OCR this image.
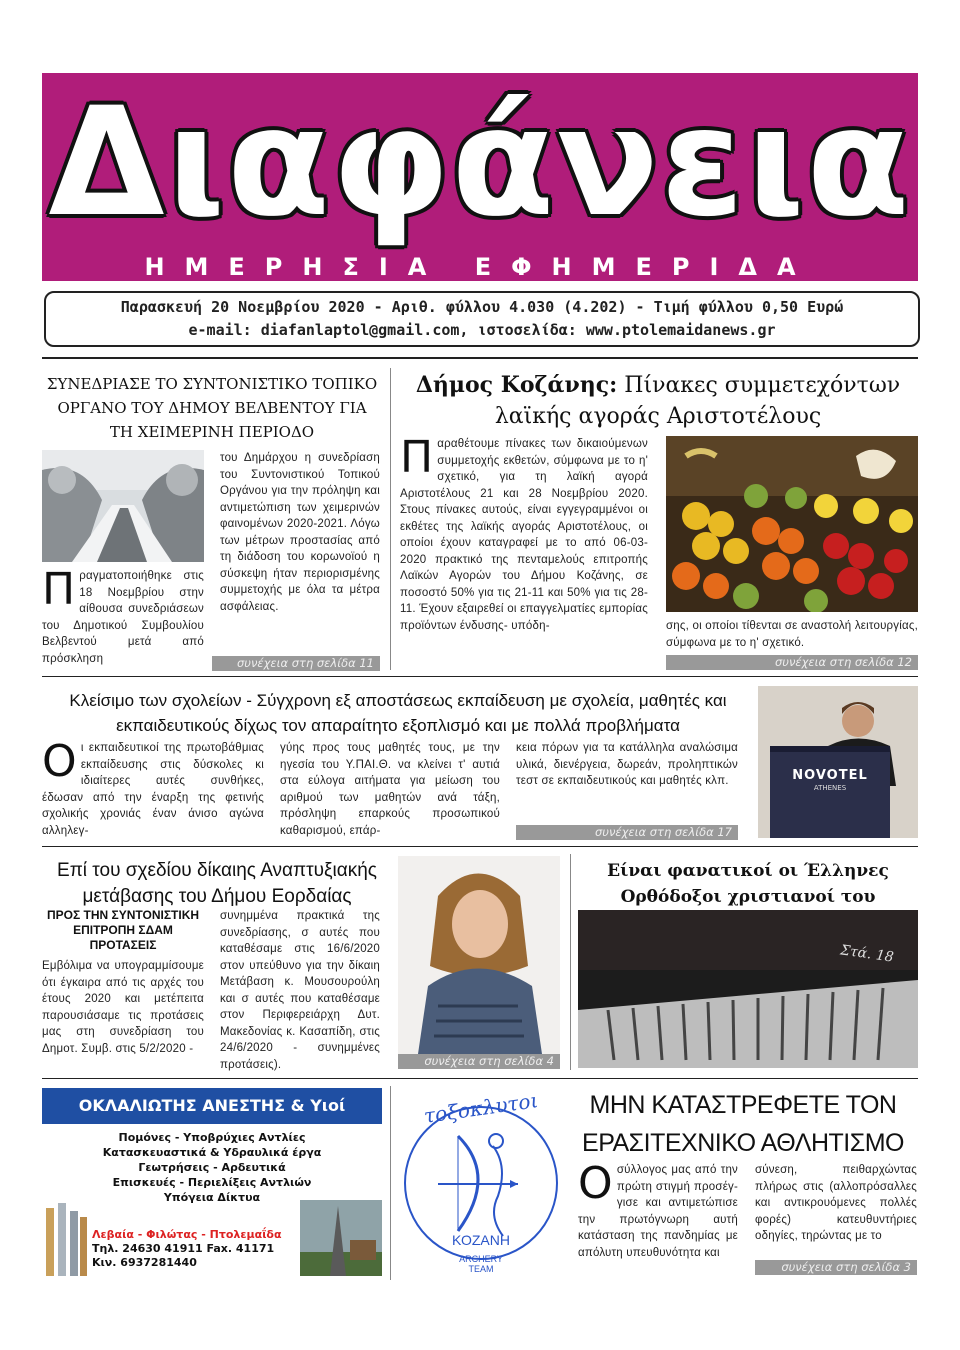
Διαφάνεια
ΗΜΕΡΗΣΙΑ ΕΦΗΜΕΡΙΔΑ
Παρασκευή 20 Νοεμβρίου 2020 - Αριθ. φύλλου 4.030 (4.202) - Τιμή φύλλου 0,50 Ευρώ
e-mail: diafanlaptol@gmail.com, ιστοσελίδα: www.ptolemaidanews.gr
ΣΥΝΕΔΡΙΑΣΕ ΤΟ ΣΥΝΤΟΝΙΣΤΙΚΟ ΤΟΠΙΚΟ ΟΡΓΑΝΟ ΤΟΥ ΔΗΜΟΥ ΒΕΛΒΕΝΤΟΥ ΓΙΑ ΤΗ ΧΕΙΜΕΡΙΝΗ ΠΕΡΙΟΔΟ
Π ραγματοποιήθηκε στις 18 Νοεμβρίου στην αίθουσα συνεδριάσεων του Δημοτικού Συμβουλίου Βελβεντού μετά από πρόσκληση
του Δημάρχου η συνεδρίαση του Συντονιστικού Τοπικού Οργάνου για την πρόληψη και αντιμετώπιση των χειμερινών φαινομένων 2020-2021. Λόγω των μέτρων προστασίας από τη διάδοση του κορωνοϊού η σύσκεψη ήταν περιορισμένης συμμετοχής με όλα τα μέτρα ασφάλειας.
συνέχεια στη σελίδα 11
Δήμος Κοζάνης: Πίνακες συμμετεχόντων λαϊκής αγοράς Αριστοτέλους
Π αραθέτουμε πίνακες των δικαιούμενων συμμετοχής εκθετών, σύμφωνα με το η' σχετικό, για τη λαϊκή αγορά Αριστοτέλους 21 και 28 Νοεμβρίου 2020. Στους πίνακες αυτούς, είναι εγγεγραμμένοι οι εκθέτες της λαϊκής αγοράς Αριστοτέλους, οι οποίοι έχουν καταγραφεί με το από 06-03-2020 πρακτικό της πενταμελούς επιτροπής Λαϊκών Αγορών του Δήμου Κοζάνης, σε ποσοστό 50% για τις 21-11 και 50% για τις 28-11. Έχουν εξαιρεθεί οι επαγγελματίες εμπορίας προϊόντων ένδυσης- υπόδη-	σης, οι οποίοι τίθενται σε αναστολή λειτουργίας, σύμφωνα με το η' σχετικό.
συνέχεια στη σελίδα 12
Κλείσιμο των σχολείων - Σύγχρονη εξ αποστάσεως εκπαίδευση με σχολεία, μαθητές και εκπαιδευτικούς δίχως τον απαραίτητο εξοπλισμό και με πολλά προβλήματα
Ο ι εκπαιδευτικοί της πρωτοβάθμιας εκπαίδευσης στις δύσκολες κι ιδιαίτερες αυτές συνθήκες, έδωσαν από την έναρξη της φετινής σχολικής χρονιάς έναν άνισο αγώνα αλληλεγ-
γύης προς τους μαθητές τους, με την ηγεσία του Υ.ΠΑΙ.Θ. να κλείνει τ' αυτιά στα εύλογα αιτήματα για μείωση του αριθμού των μαθητών ανά τάξη, πρόσληψη επαρκούς προσωπικού καθαρισμού, επάρ-
κεια πόρων για τα κατάλληλα αναλώσιμα υλικά, διενέργεια, δωρεάν, προληπτικών τεστ σε εκπαιδευτικούς και μαθητές κλπ.
συνέχεια στη σελίδα 17
NOVOTEL
ATHENES
Επί του σχεδίου δίκαιης Αναπτυξιακής μετάβασης του Δήμου Εορδαίας
ΠΡΟΣ ΤΗΝ ΣΥΝΤΟΝΙΣΤΙΚΗ ΕΠΙΤΡΟΠΗ ΣΔΑΜ ΠΡΟΤΑΣΕΙΣ
Εμβόλιμα να υπογραμμίσουμε ότι έγκαιρα από τις αρχές του έτους 2020 και μετέπειτα παρουσιάσαμε τις προτάσεις μας στη συνεδρίαση του Δημοτ. Συμβ. στις 5/2/2020 -
συνημμένα πρακτικά της συνεδρίασης, σ αυτές που καταθέσαμε στις 16/6/2020 στον υπεύθυνο για την δίκαιη Μετάβαση κ. Μουσουρούλη και σ αυτές που καταθέσαμε στον Περιφερειάρχη Δυτ. Μακεδονίας κ. Κασαπίδη, στις 24/6/2020 - συνημμένες προτάσεις).	συνέχεια στη σελίδα 4
Είναι φανατικοί οι Έλληνες Ορθόδοξοι χριστιανοί του
Στά. 18
ΟΚΛΑΛΙΩΤΗΣ ΑΝΕΣΤΗΣ & Υιοί
Πομόνες - Υποβρύχιες Αντλίες
Κατασκευαστικά & Υδραυλικά έργα
Γεωτρήσεις - Αρδευτικά
Επισκευές - Περιελίξεις Αντλιών
Υπόγεια Δίκτυα
Λεβαία - Φιλώτας - Πτολεμαΐδα
Τηλ. 24630 41911 Fax. 41171
Κιν. 6937281440
τοξοκλυτοι
ΚΟΖΑΝΗ
ARCHERY TEAM
ΜΗΝ ΚΑΤΑΣΤΡΕΦΕΤΕ ΤΟΝ ΕΡΑΣΙΤΕΧΝΙΚΟ ΑΘΛΗΤΙΣΜΟ
Ο σύλλογος μας από την πρώτη στιγμή προσέγ- γισε και αντιμετώπισε την πρωτόγνωρη αυτή κατάσταση της πανδημίας με απόλυτη υπευθυνότητα και
σύνεση, πειθαρχώντας πλήρως στις (αλλοπρόσαλλες και αντικρουόμενες πολλές φορές) κατευθυντήριες οδηγίες, τηρώντας με το
συνέχεια στη σελίδα 3
